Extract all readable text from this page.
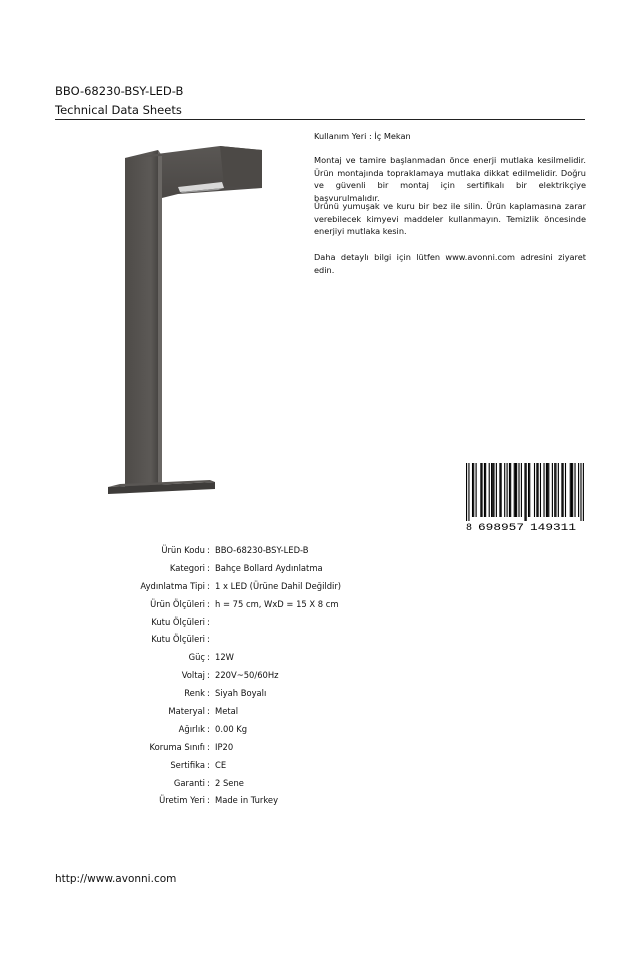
BBO-68230-BSY-LED-B
Technical Data Sheets
Kullanım Yeri : İç Mekan
Montaj ve tamire başlanmadan önce enerji mutlaka kesilmelidir. Ürün montajında topraklamaya mutlaka dikkat edilmelidir. Doğru ve güvenli bir montaj için sertifikalı bir elektrikçiye başvurulmalıdır.
Ürünü yumuşak ve kuru bir bez ile silin. Ürün kaplamasına zarar verebilecek kimyevi maddeler kullanmayın. Temizlik öncesinde enerjiyi mutlaka kesin.
Daha detaylı bilgi için lütfen www.avonni.com adresini ziyaret edin.
8 698957 149311
Ürün Kodu : BBO-68230-BSY-LED-B
Kategori : Bahçe Bollard Aydınlatma
Aydınlatma Tipi : 1 x LED (Ürüne Dahil Değildir)
Ürün Ölçüleri : h = 75 cm, WxD = 15 X 8 cm
Kutu Ölçüleri :
Kutu Ölçüleri :
Güç : 12W
Voltaj : 220V~50/60Hz
Renk : Siyah Boyalı
Materyal : Metal
Ağırlık : 0.00 Kg
Koruma Sınıfı : IP20
Sertifika : CE
Garanti : 2 Sene
Üretim Yeri : Made in Turkey
http://www.avonni.com
